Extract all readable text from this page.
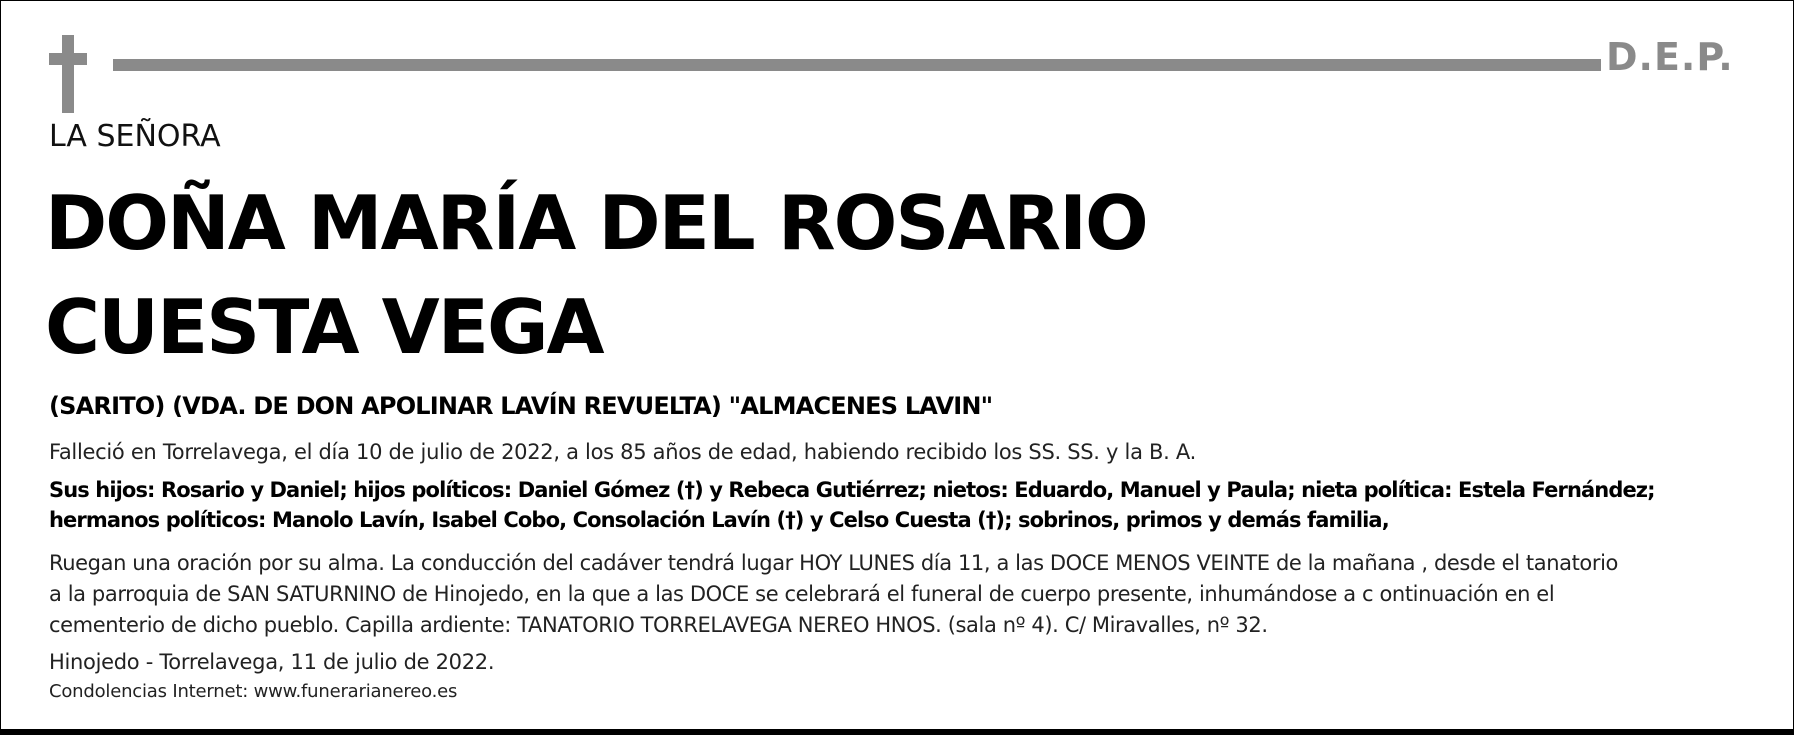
D.E.P.
LA SEÑORA
DOÑA MARÍA DEL ROSARIO
CUESTA VEGA
(SARITO) (VDA. DE DON APOLINAR LAVÍN REVUELTA) "ALMACENES LAVIN"
Falleció en Torrelavega, el día 10 de julio de 2022, a los 85 años de edad, habiendo recibido los SS. SS. y la B. A.
Sus hijos: Rosario y Daniel; hijos políticos: Daniel Gómez (†) y Rebeca Gutiérrez; nietos: Eduardo, Manuel y Paula; nieta política: Estela Fernández;
hermanos políticos: Manolo Lavín, Isabel Cobo, Consolación Lavín (†) y Celso Cuesta (†); sobrinos, primos y demás familia,
Ruegan una oración por su alma. La conducción del cadáver tendrá lugar HOY LUNES día 11, a las DOCE MENOS VEINTE de la mañana , desde el tanatorio
a la parroquia de SAN SATURNINO de Hinojedo, en la que a las DOCE se celebrará el funeral de cuerpo presente, inhumándose a c ontinuación en el
cementerio de dicho pueblo. Capilla ardiente: TANATORIO TORRELAVEGA NEREO HNOS. (sala nº 4). C/ Miravalles, nº 32.
Hinojedo - Torrelavega, 11 de julio de 2022.
Condolencias Internet: www.funerarianereo.es
